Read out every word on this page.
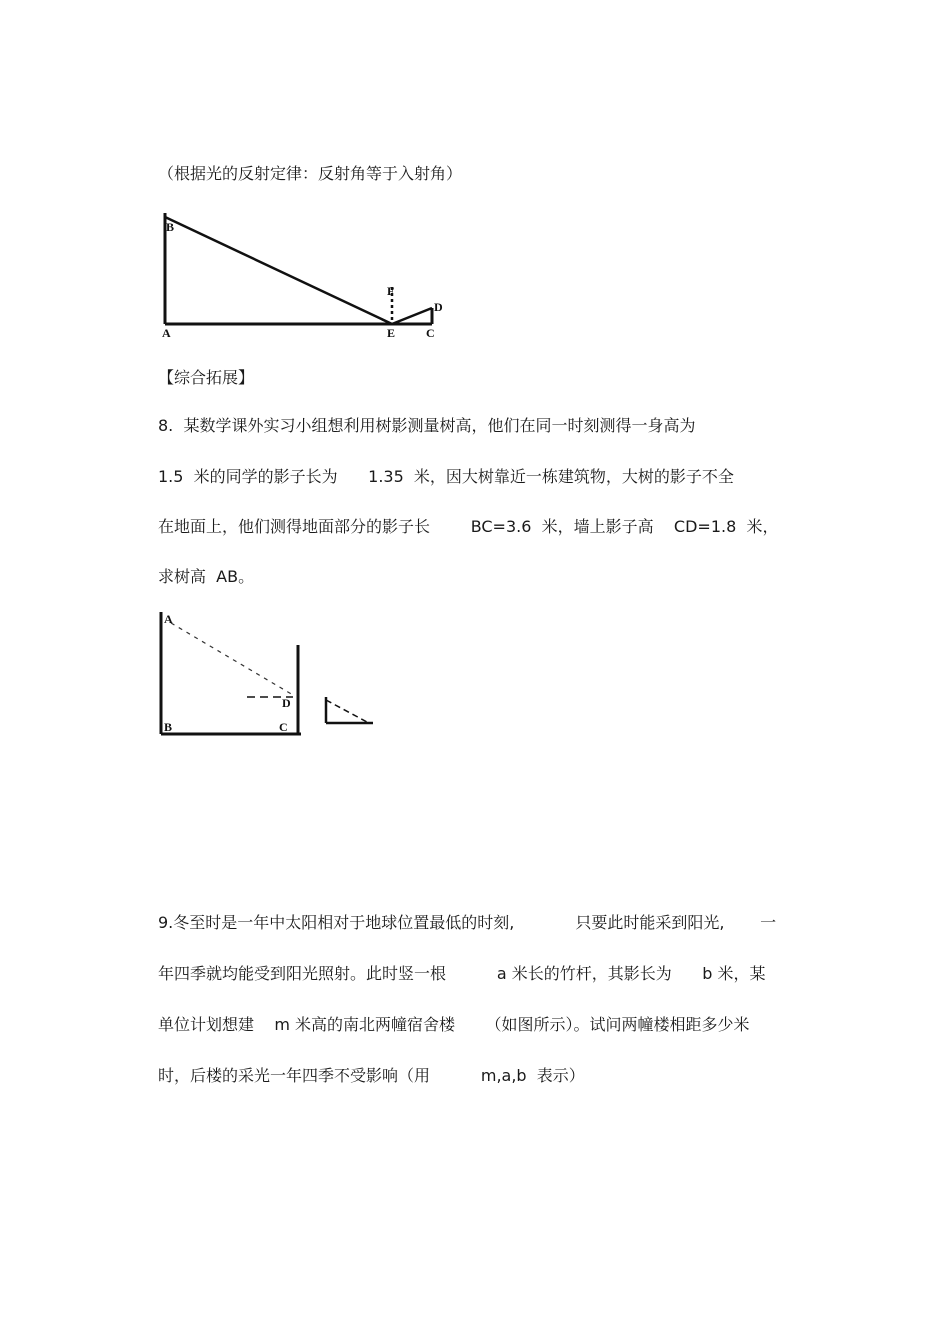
（根据光的反射定律：反射角等于入射角）
B
F
D
A	E	C
【综合拓展】
8.  某数学课外实习小组想利用树影测量树高，他们在同一时刻测得一身高为
1.5  米的同学的影子长为      1.35  米，因大树靠近一栋建筑物，大树的影子不全
在地面上，他们测得地面部分的影子长        BC=3.6  米，墙上影子高    CD=1.8  米，
求树高  AB。
A
D
B	C
9.冬至时是一年中太阳相对于地球位置最低的时刻,            只要此时能采到阳光,       一
年四季就均能受到阳光照射。此时竖一根          a 米长的竹杆，其影长为      b 米，某
单位计划想建    m 米高的南北两幢宿舍楼      （如图所示）。试问两幢楼相距多少米
时，后楼的采光一年四季不受影响（用          m,a,b  表示）
